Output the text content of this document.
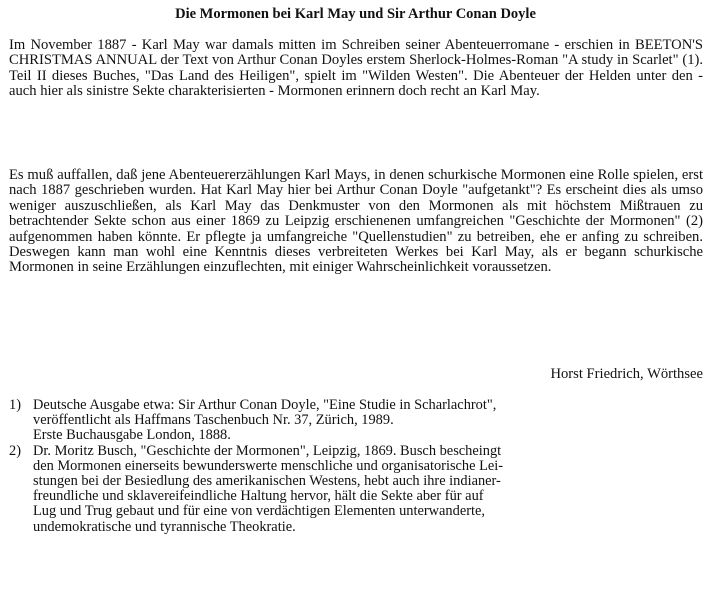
Die Mormonen bei Karl May und Sir Arthur Conan Doyle

Im November 1887 - Karl May war damals mitten im Schreiben seiner Abenteuerromane - erschien in BEETON'S CHRISTMAS ANNUAL der Text von Arthur Conan Doyles erstem Sherlock-Holmes-Roman "A study in Scarlet" (1). Teil II dieses Buches, "Das Land des Heiligen", spielt im "Wilden Westen". Die Abenteuer der Helden unter den - auch hier als sinistre Sekte charakterisierten - Mormonen erinnern doch recht an Karl May.

Es muß auffallen, daß jene Abenteuererzählungen Karl Mays, in denen schurkische Mormonen eine Rolle spielen, erst nach 1887 geschrieben wurden. Hat Karl May hier bei Arthur Conan Doyle "aufgetankt"? Es erscheint dies als umso weniger auszuschließen, als Karl May das Denkmuster von den Mormonen als mit höchstem Mißtrauen zu betrachtender Sekte schon aus einer 1869 zu Leipzig erschienenen umfangreichen "Geschichte der Mormonen" (2) aufgenommen haben könnte. Er pflegte ja umfangreiche "Quellenstudien" zu betreiben, ehe er anfing zu schreiben. Deswegen kann man wohl eine Kenntnis dieses verbreiteten Werkes bei Karl May, als er begann schurkische Mormonen in seine Erzählungen einzuflechten, mit einiger Wahrscheinlichkeit voraussetzen.

Horst Friedrich, Wörthsee
1) Deutsche Ausgabe etwa: Sir Arthur Conan Doyle, "Eine Studie in Scharlachrot",
veröffentlicht als Haffmans Taschenbuch Nr. 37, Zürich, 1989.
Erste Buchausgabe London, 1888.
2) Dr. Moritz Busch, "Geschichte der Mormonen", Leipzig, 1869. Busch bescheingt
den Mormonen einerseits bewunderswerte menschliche und organisatorische Lei-
stungen bei der Besiedlung des amerikanischen Westens, hebt auch ihre indianer-
freundliche und sklavereifeindliche Haltung hervor, hält die Sekte aber für auf
Lug und Trug gebaut und für eine von verdächtigen Elementen unterwanderte,
undemokratische und tyrannische Theokratie.
